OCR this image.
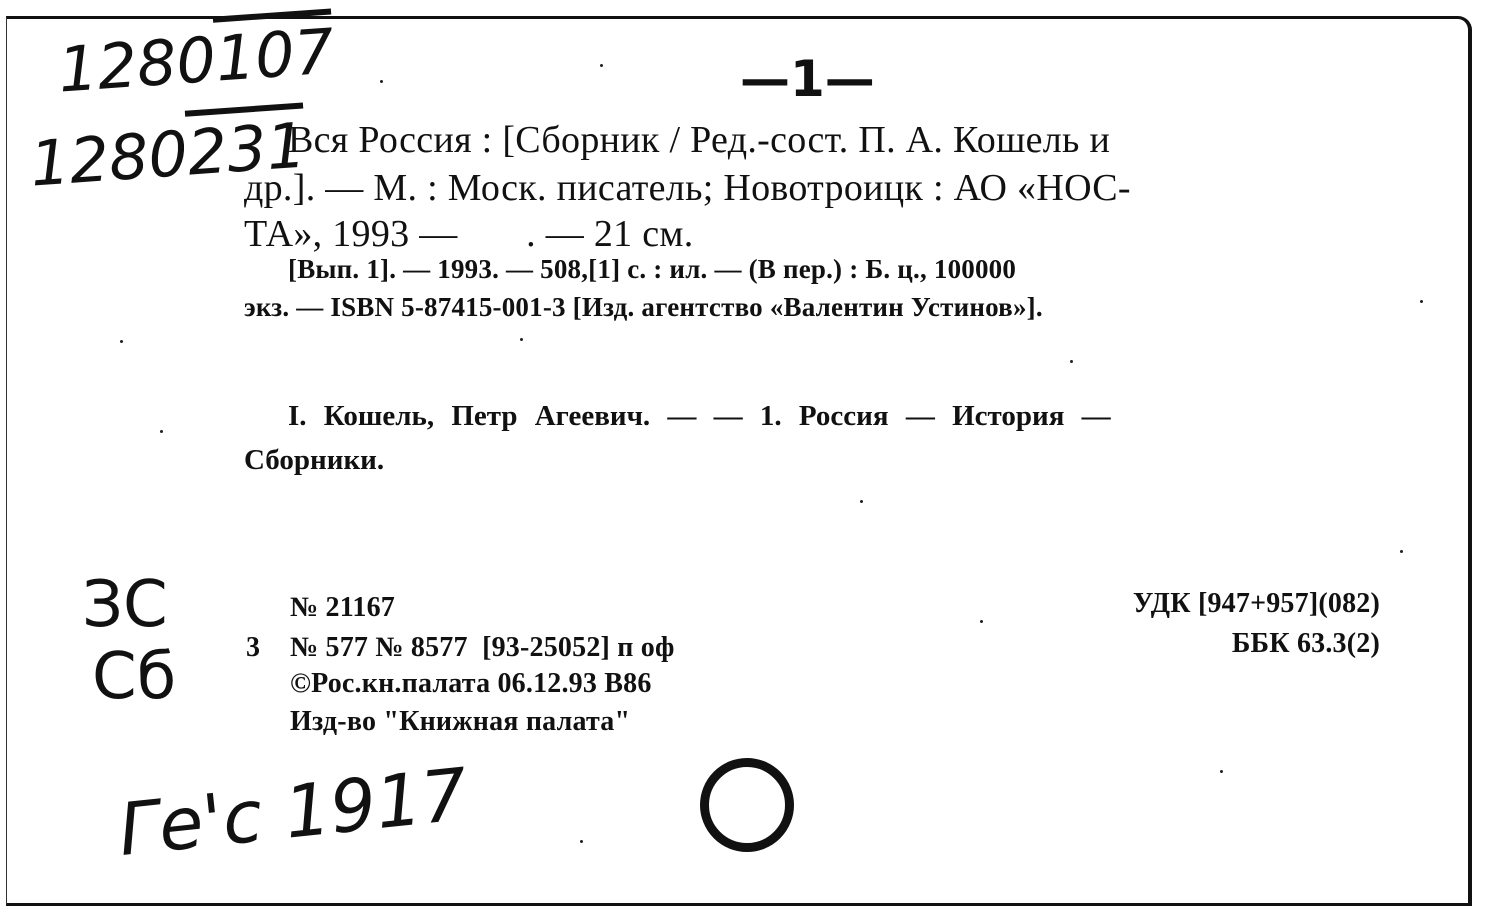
1280107
1280231
—1—
Вся Россия : [Сборник / Ред.-сост. П. А. Кошель и
др.]. — М. : Моск. писатель; Новотроицк : АО «НОС-
ТА», 1993 —       . — 21 см.
[Вып. 1]. — 1993. — 508,[1] с. : ил. — (В пер.) : Б. ц., 100000
экз. — ISBN 5-87415-001-3 [Изд. агентство «Валентин Устинов»].
I. Кошель, Петр Агеевич. — — 1. Россия — История —
Сборники.
ЗС
Сб
№ 21167
3 № 577 № 8577  [93-25052] п оф
©Рос.кн.палата 06.12.93 В86
Изд-во "Книжная палата"
УДК [947+957](082)
ББК 63.3(2)
Ге'с 1917
